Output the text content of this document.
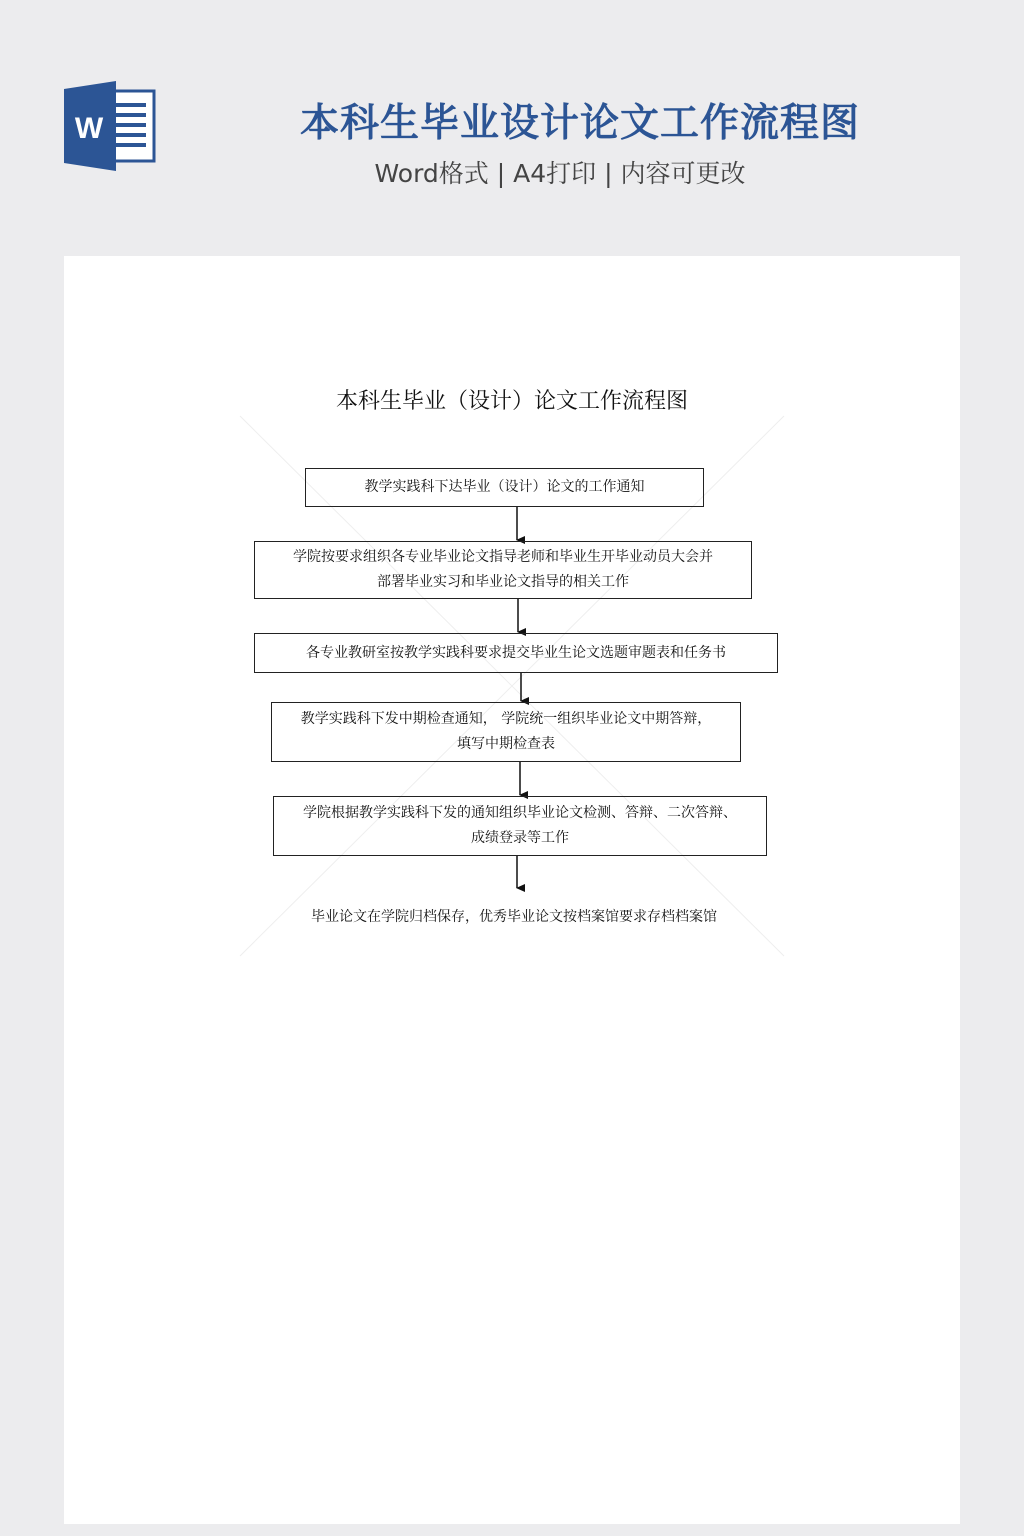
W	本科生毕业设计论文工作流程图
Word格式 | A4打印 | 内容可更改
本科生毕业（设计）论文工作流程图
教学实践科下达毕业（设计）论文的工作通知
学院按要求组织各专业毕业论文指导老师和毕业生开毕业动员大会并
部署毕业实习和毕业论文指导的相关工作
各专业教研室按教学实践科要求提交毕业生论文选题审题表和任务书
教学实践科下发中期检查通知， 学院统一组织毕业论文中期答辩，
填写中期检查表
学院根据教学实践科下发的通知组织毕业论文检测、答辩、二次答辩、
成绩登录等工作
毕业论文在学院归档保存，优秀毕业论文按档案馆要求存档档案馆
